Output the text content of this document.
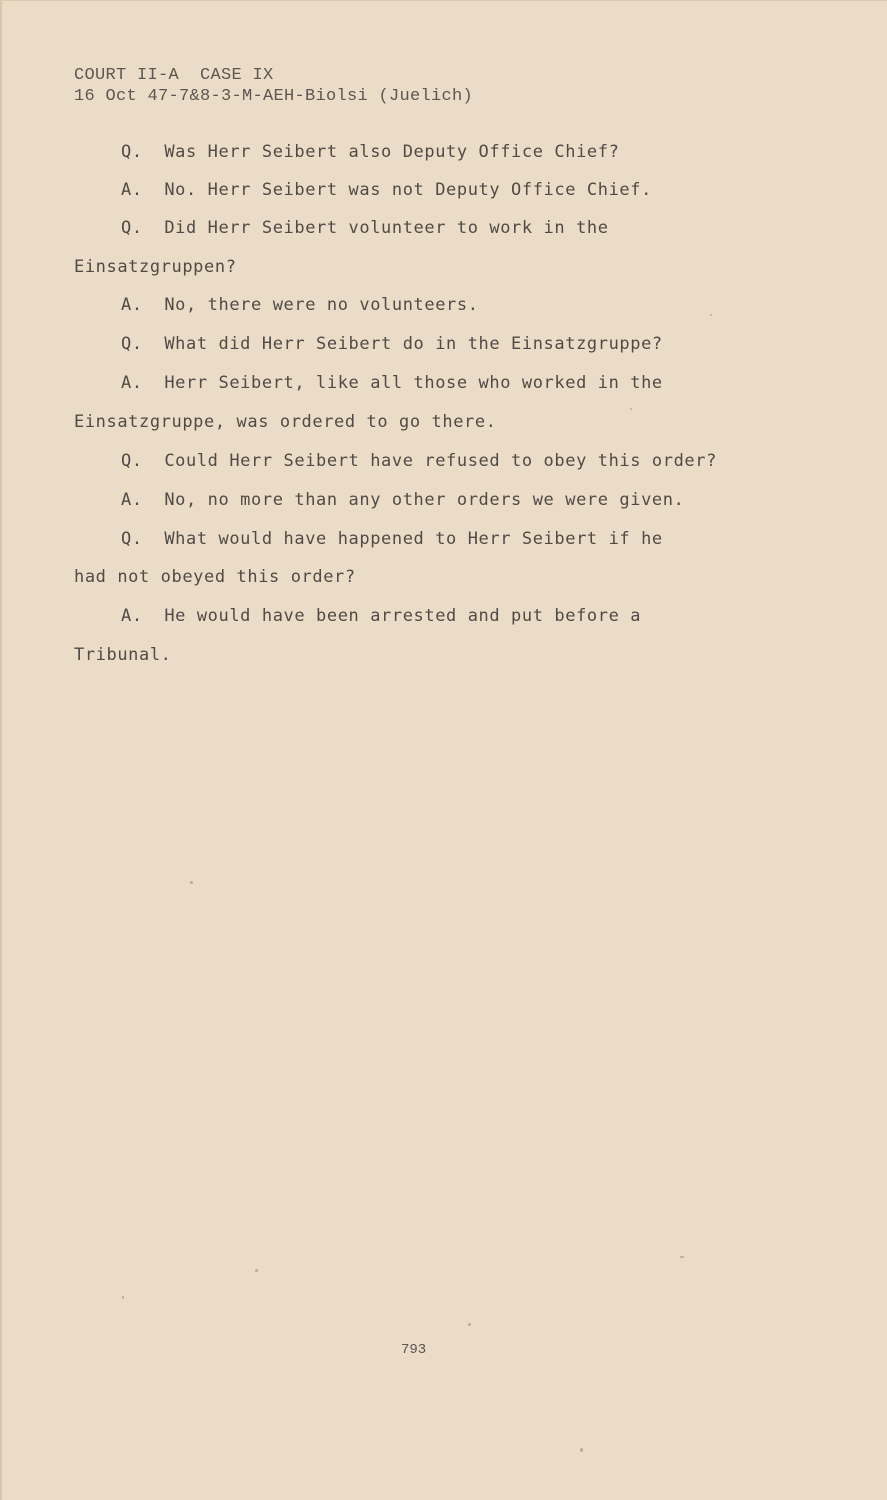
COURT II-A  CASE IX
16 Oct 47-7&8-3-M-AEH-Biolsi (Juelich)
Q.  Was Herr Seibert also Deputy Office Chief?
A.  No. Herr Seibert was not Deputy Office Chief.
Q.  Did Herr Seibert volunteer to work in the
Einsatzgruppen?
A.  No, there were no volunteers.
Q.  What did Herr Seibert do in the Einsatzgruppe?
A.  Herr Seibert, like all those who worked in the
Einsatzgruppe, was ordered to go there.
Q.  Could Herr Seibert have refused to obey this order?
A.  No, no more than any other orders we were given.
Q.  What would have happened to Herr Seibert if he
had not obeyed this order?
A.  He would have been arrested and put before a
Tribunal.
793
